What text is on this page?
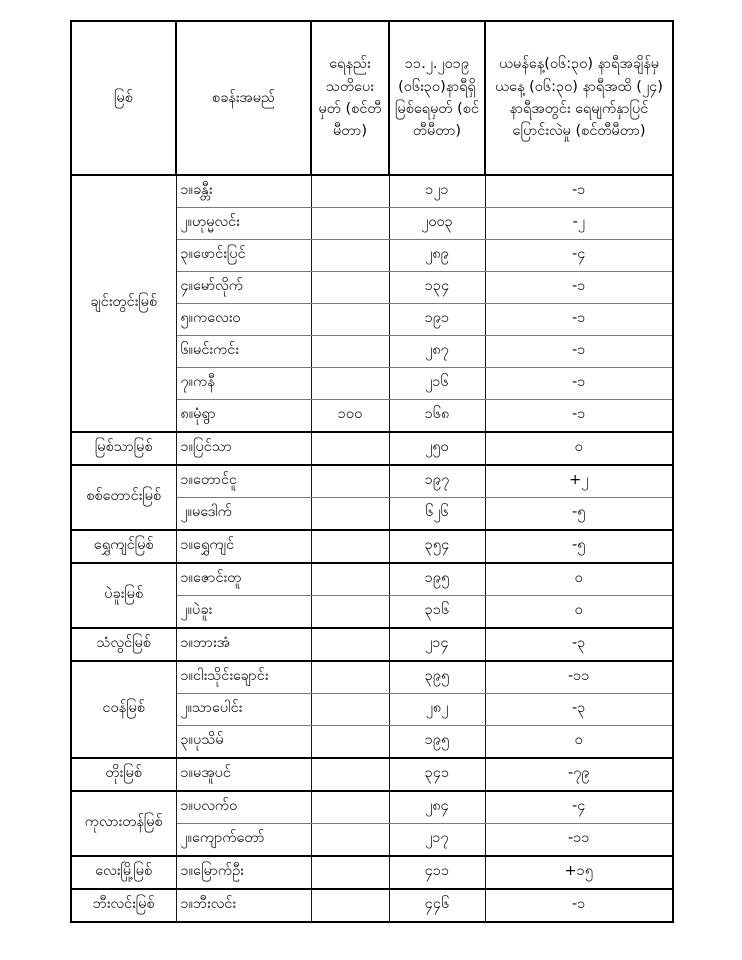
မြစ်	စခန်းအမည်	ရေနည်း သတိပေးမှတ် (စင်တီမီတာ)	၁၁.၂.၂၀၁၉ (၀၆း၃၀)နာရီရှိ မြစ်ရေမှတ် (စင်တီမီတာ)	ယမန်နေ့(၀၆:၃၀) နာရီအချိန်မှ ယနေ့ (၀၆:၃၀) နာရီအထိ (၂၄) နာရီအတွင်း ရေမျက်နှာပြင်ပြောင်းလဲမှု (စင်တီမီတာ)
ချင်းတွင်းမြစ်	၁။ခန္တီး		၁၂၁	-၁
	၂။ဟုမ္မလင်း		၂၀၀၃	-၂
	၃။ဖောင်းပြင်		၂၈၉	-၄
	၄။မော်လိုက်		၁၃၄	-၁
	၅။ကလေးဝ		၁၉၁	-၁
	၆။မင်းကင်း		၂၈၇	-၁
	၇။ကနီ		၂၁၆	-၁
	၈။မုံရွာ	၁၀၀	၁၆၈	-၁
မြစ်သာမြစ်	၁။ပြင်သာ		၂၅၀	၀
စစ်တောင်းမြစ်	၁။တောင်ငူ		၁၉၇	+၂
	၂။မဒေါက်		၆၂၆	-၅
ရွှေကျင်မြစ်	၁။ရွှေကျင်		၃၅၄	-၅
ပဲခူးမြစ်	၁။ဇောင်းတူ		၁၉၅	၀
	၂။ပဲခူး		၃၁၆	၀
သံလွင်မြစ်	၁။ဘားအံ		၂၁၄	-၃
ငဝန်မြစ်	၁။ငါးသိုင်းချောင်း		၃၉၅	-၁၁
	၂။သာပေါင်း		၂၈၂	-၃
	၃။ပုသိမ်		၁၉၅	၀
တိုးမြစ်	၁။မအူပင်		၃၄၁	-၇၉
ကုလားတန်မြစ်	၁။ပလက်ဝ		၂၈၄	-၄
	၂။ကျောက်တော်		၂၁၇	-၁၁
လေးမြို့မြစ်	၁။မြောက်ဦး		၄၁၁	+၁၅
ဘီးလင်းမြစ်	၁။ဘီးလင်း		၄၄၆	-၁
